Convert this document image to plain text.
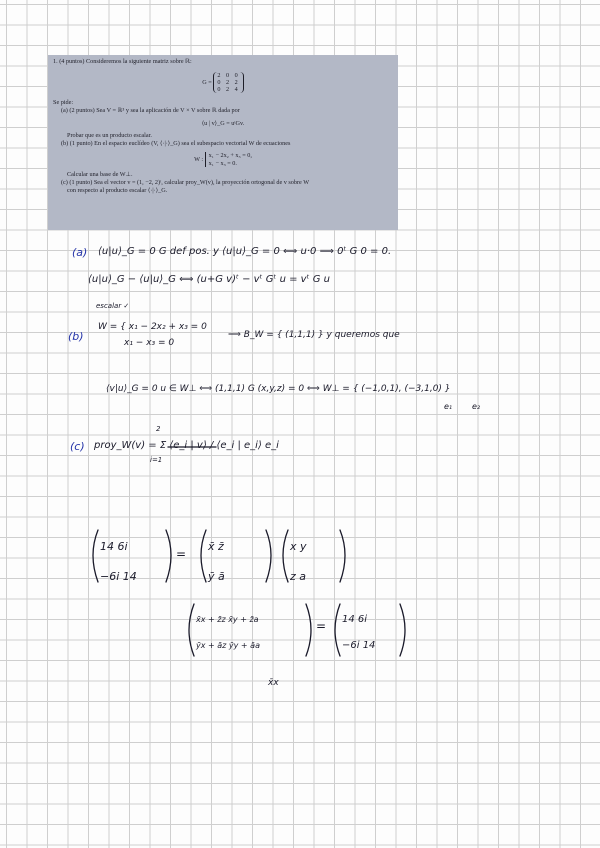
1. (4 puntos) Consideremos la siguiente matriz sobre ℝ:
G =
2 0 0
0 2 2
0 2 4
Se pide:
(a) (2 puntos) Sea V = ℝ³ y sea la aplicación de V × V sobre ℝ dada por
⟨u | v⟩_G = uᵗGv.
Probar que es un producto escalar.
(b) (1 punto) En el espacio euclídeo (V, ⟨·|·⟩_G) sea el subespacio vectorial W de ecuaciones
W :
x₁ − 2x₂ + x₃ = 0,
x₁ − x₃ = 0.
Calcular una base de W⊥.
(c) (1 punto) Sea el vector v = (1, −2, 2)ᵗ, calcular proy_W(v), la proyección ortogonal de v sobre W
con respecto al producto escalar ⟨·|·⟩_G.
(a) ⟨u|u⟩_G = 0 G def pos. y ⟨u|u⟩_G = 0 ⟺ u·0 ⟹ 0ᵗ G 0 = 0.
⟨u|u⟩_G − ⟨u|u⟩_G ⟺ (u+G v)ᵗ − vᵗ Gᵗ u = vᵗ G u
escalar ✓
(b)
W = { x₁ − 2x₂ + x₃ = 0
x₁ − x₃ = 0
⟹ B_W = { (1,1,1) } y queremos que
⟨v|u⟩_G = 0 u ∈ W⊥ ⟺ (1,1,1) G (x,y,z) = 0 ⟺ W⊥ = { (−1,0,1), (−3,1,0) }
e₁ e₂
(c)
2
proy_W(v) = Σ ⟨e_i | v⟩ / ⟨e_i | e_i⟩ e_i
i=1
14 6i
−6i 14
=
x̄ z̄
ȳ ā
x y
z a
x̄x + z̄z x̄y + z̄a
ȳx + āz ȳy + āa
= 14 6i
−6i 14
x̄x
